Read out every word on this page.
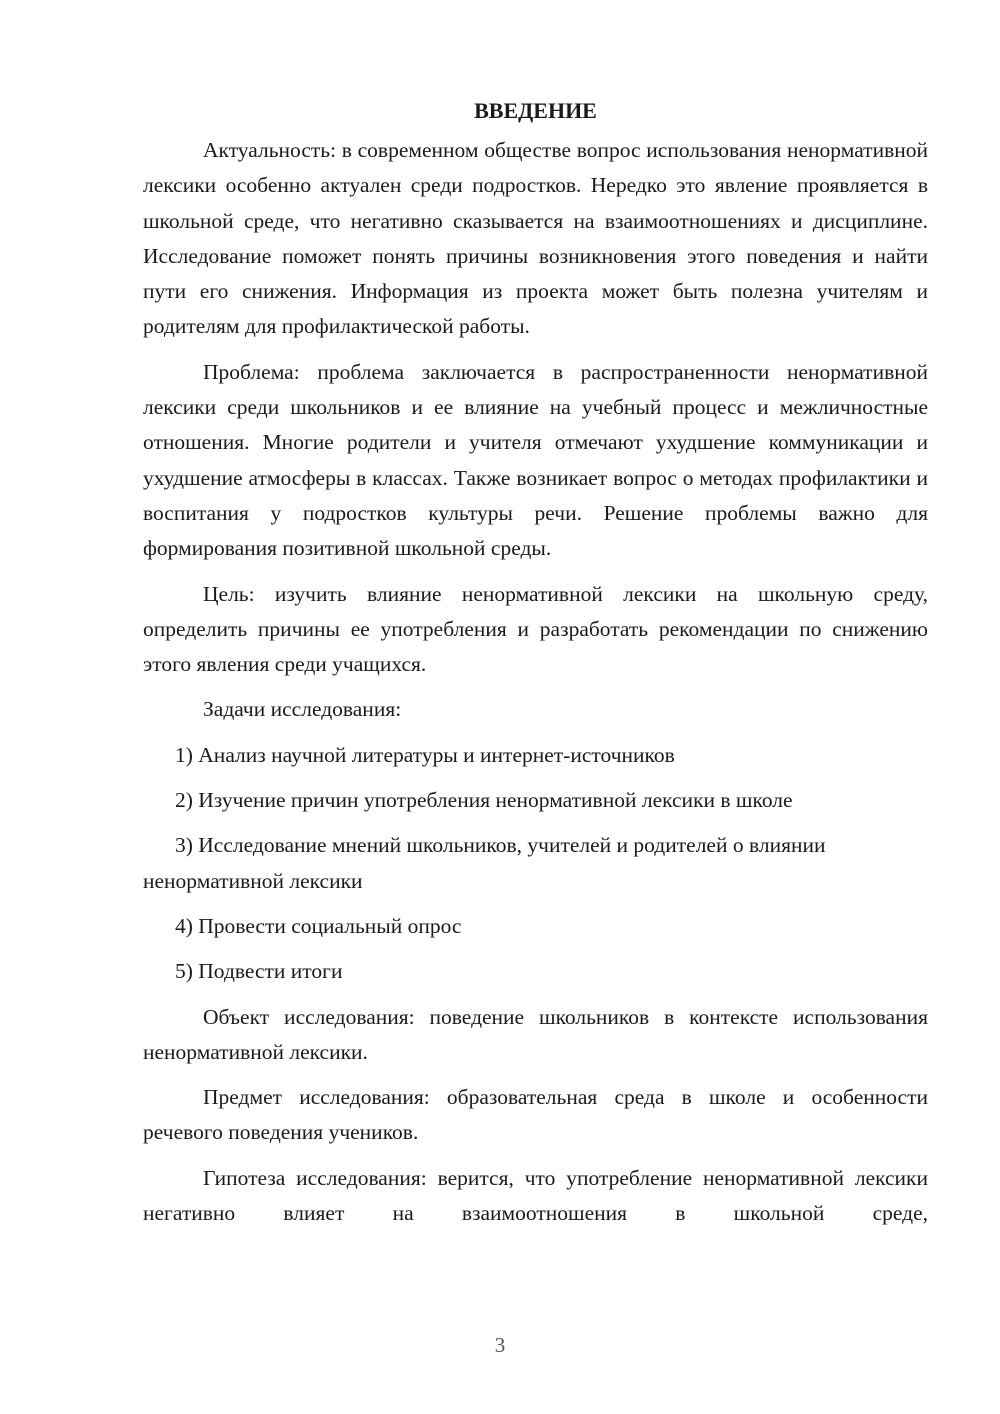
ВВЕДЕНИЕ

Актуальность: в современном обществе вопрос использования ненормативной лексики особенно актуален среди подростков. Нередко это явление проявляется в школьной среде, что негативно сказывается на взаимоотношениях и дисциплине. Исследование поможет понять причины возникновения этого поведения и найти пути его снижения. Информация из проекта может быть полезна учителям и родителям для профилактической работы.

Проблема: проблема заключается в распространенности ненормативной лексики среди школьников и ее влияние на учебный процесс и межличностные отношения. Многие родители и учителя отмечают ухудшение коммуникации и ухудшение атмосферы в классах. Также возникает вопрос о методах профилактики и воспитания у подростков культуры речи. Решение проблемы важно для формирования позитивной школьной среды.

Цель: изучить влияние ненормативной лексики на школьную среду, определить причины ее употребления и разработать рекомендации по снижению этого явления среди учащихся.

Задачи исследования:

1) Анализ научной литературы и интернет-источников

2) Изучение причин употребления ненормативной лексики в школе

3) Исследование мнений школьников, учителей и родителей о влиянии ненормативной лексики

4) Провести социальный опрос

5) Подвести итоги

Объект исследования: поведение школьников в контексте использования ненормативной лексики.

Предмет исследования: образовательная среда в школе и особенности речевого поведения учеников.

Гипотеза исследования: верится, что употребление ненормативной лексики негативно влияет на взаимоотношения в школьной среде,

3
